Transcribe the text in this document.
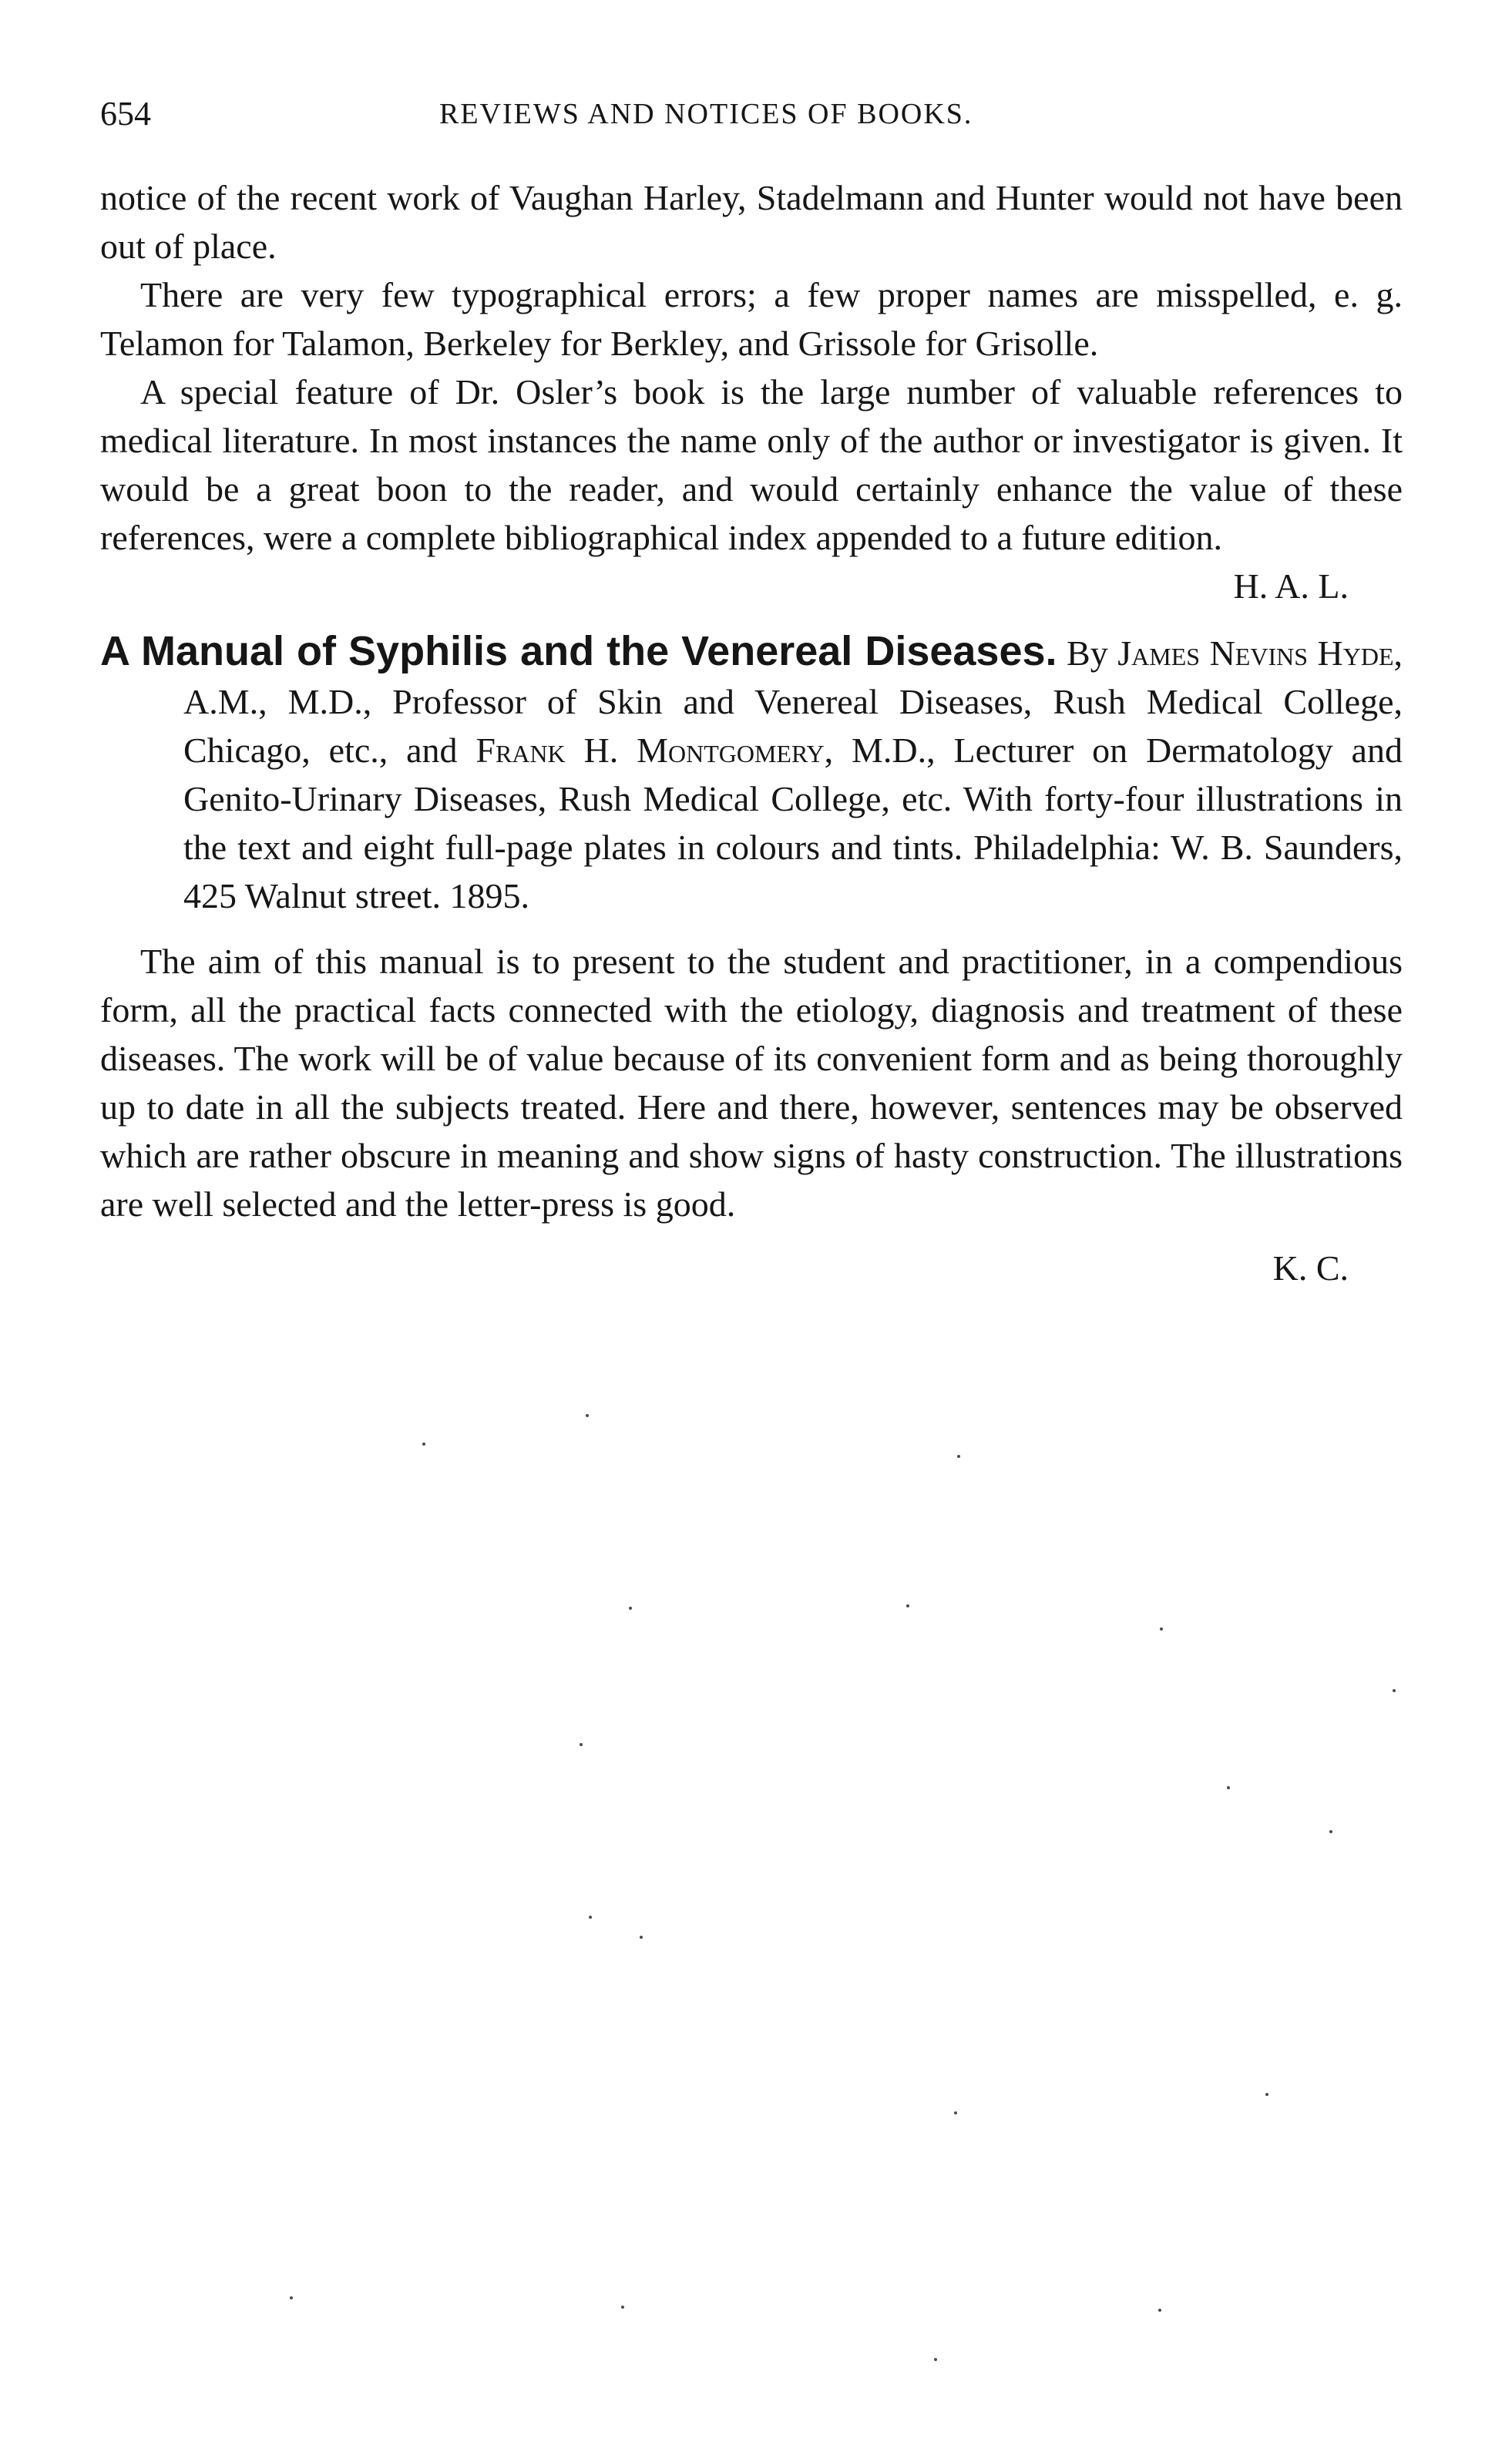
654	REVIEWS AND NOTICES OF BOOKS.

notice of the recent work of Vaughan Harley, Stadelmann and Hunter would not have been out of place.

There are very few typographical errors; a few proper names are misspelled, e. g. Telamon for Talamon, Berkeley for Berkley, and Grissole for Grisolle.

A special feature of Dr. Osler’s book is the large number of valuable references to medical literature. In most instances the name only of the author or investigator is given. It would be a great boon to the reader, and would certainly enhance the value of these references, were a complete bibliographical index appended to a future edition.

H. A. L.
A Manual of Syphilis and the Venereal Diseases. By James Nevins Hyde, A.M., M.D., Professor of Skin and Venereal Diseases, Rush Medical College, Chicago, etc., and Frank H. Montgomery, M.D., Lecturer on Dermatology and Genito-Urinary Diseases, Rush Medical College, etc. With forty-four illustrations in the text and eight full-page plates in colours and tints. Philadelphia: W. B. Saunders, 425 Walnut street. 1895.

The aim of this manual is to present to the student and practitioner, in a compendious form, all the practical facts connected with the etiology, diagnosis and treatment of these diseases. The work will be of value because of its convenient form and as being thoroughly up to date in all the subjects treated. Here and there, however, sentences may be observed which are rather obscure in meaning and show signs of hasty construction. The illustrations are well selected and the letter-press is good.

K. C.
